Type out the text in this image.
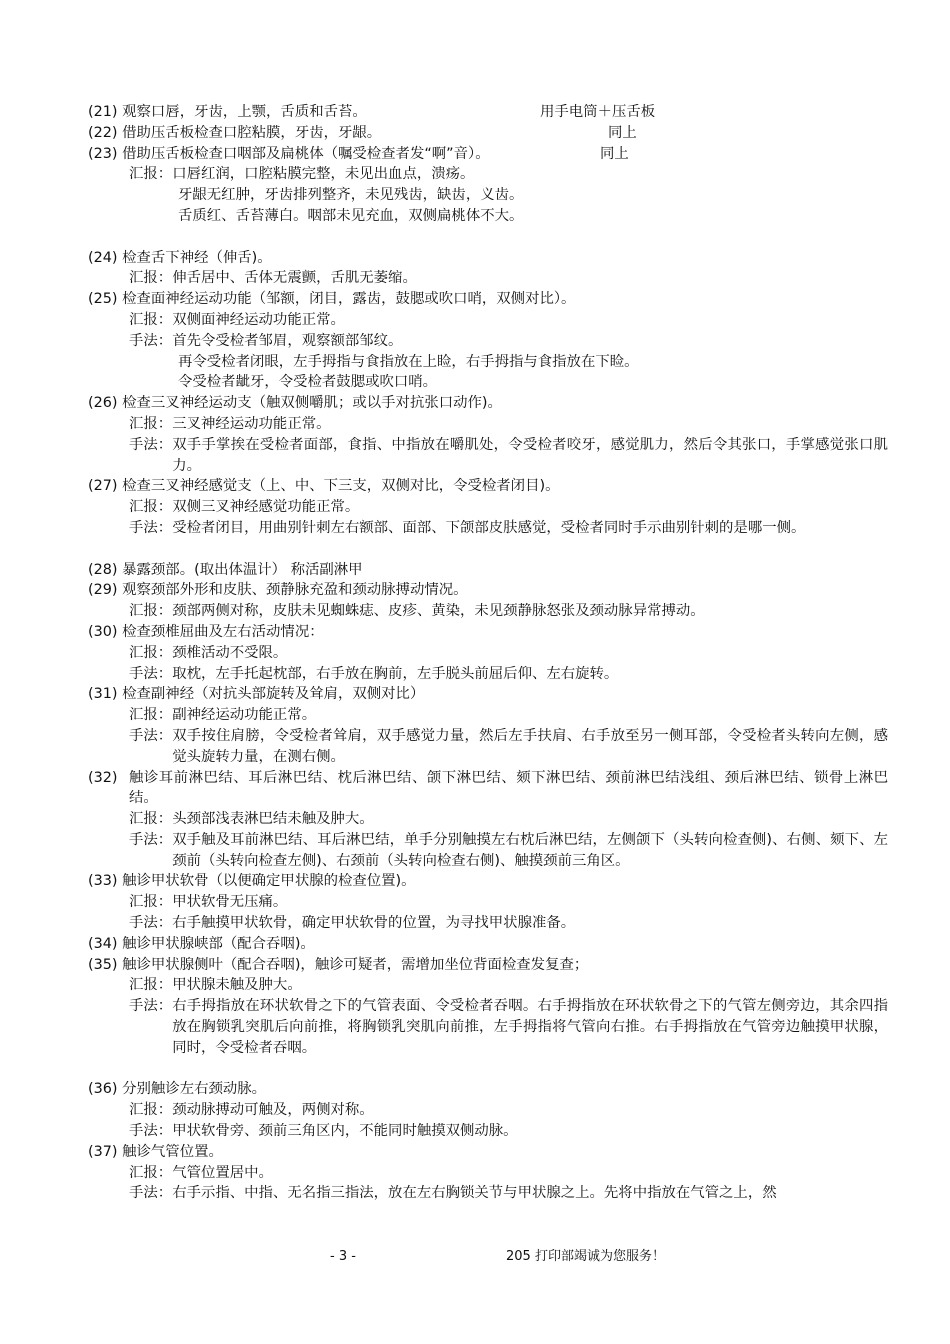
(21) 观察口唇，牙齿，上颚，舌质和舌苔。	用手电筒＋压舌板
(22) 借助压舌板检查口腔粘膜，牙齿，牙龈。	同上
(23) 借助压舌板检查口咽部及扁桃体（嘱受检查者发“啊”音）。	同上
汇报：口唇红润，口腔粘膜完整，未见出血点，溃疡。
牙龈无红肿，牙齿排列整齐，未见残齿，缺齿，义齿。
舌质红、舌苔薄白。咽部未见充血，双侧扁桃体不大。
(24) 检查舌下神经（伸舌)。
汇报：伸舌居中、舌体无震颤，舌肌无萎缩。
(25) 检查面神经运动功能（邹额，闭目，露齿，鼓腮或吹口哨，双侧对比）。
汇报：双侧面神经运动功能正常。
手法：首先令受检者邹眉，观察额部邹纹。
再令受检者闭眼，左手拇指与食指放在上睑，右手拇指与食指放在下睑。
令受检者龇牙，令受检者鼓腮或吹口哨。
(26) 检查三叉神经运动支（触双侧嚼肌；或以手对抗张口动作)。
汇报：三叉神经运动功能正常。
手法： 双手手掌挨在受检者面部，食指、中指放在嚼肌处，令受检者咬牙，感觉肌力，然后令其张口，手掌感觉张口肌力。
(27) 检查三叉神经感觉支（上、中、下三支，双侧对比，令受检者闭目)。
汇报：双侧三叉神经感觉功能正常。
手法： 受检者闭目，用曲别针刺左右额部、面部、下颌部皮肤感觉，受检者同时手示曲别针刺的是哪一侧。
(28) 暴露颈部。(取出体温计） 称活副淋甲
(29) 观察颈部外形和皮肤、颈静脉充盈和颈动脉搏动情况。
汇报：颈部两侧对称，皮肤未见蜘蛛痣、皮疹、黄染，未见颈静脉怒张及颈动脉异常搏动。
(30) 检查颈椎屈曲及左右活动情况：
汇报：颈椎活动不受限。
手法：取枕，左手托起枕部，右手放在胸前，左手脱头前屈后仰、左右旋转。
(31) 检查副神经（对抗头部旋转及耸肩，双侧对比）
汇报：副神经运动功能正常。
手法： 双手按住肩膀，令受检者耸肩，双手感觉力量，然后左手扶肩、右手放至另一侧耳部，令受检者头转向左侧，感觉头旋转力量，在测右侧。
(32) 触诊耳前淋巴结、耳后淋巴结、枕后淋巴结、颌下淋巴结、颏下淋巴结、颈前淋巴结浅组、颈后淋巴结、锁骨上淋巴结。
汇报：头颈部浅表淋巴结未触及肿大。
手法： 双手触及耳前淋巴结、耳后淋巴结，单手分别触摸左右枕后淋巴结，左侧颌下（头转向检查侧)、右侧、颏下、左颈前（头转向检查左侧)、右颈前（头转向检查右侧)、触摸颈前三角区。
(33) 触诊甲状软骨（以便确定甲状腺的检查位置)。
汇报：甲状软骨无压痛。
手法：右手触摸甲状软骨，确定甲状软骨的位置，为寻找甲状腺准备。
(34) 触诊甲状腺峡部（配合吞咽)。
(35) 触诊甲状腺侧叶（配合吞咽)，触诊可疑者，需增加坐位背面检查发复查；
汇报：甲状腺未触及肿大。
手法： 右手拇指放在环状软骨之下的气管表面、令受检者吞咽。右手拇指放在环状软骨之下的气管左侧旁边，其余四指放在胸锁乳突肌后向前推，将胸锁乳突肌向前推，左手拇指将气管向右推。右手拇指放在气管旁边触摸甲状腺，同时，令受检者吞咽。
(36) 分别触诊左右颈动脉。
汇报：颈动脉搏动可触及，两侧对称。
手法：甲状软骨旁、颈前三角区内，不能同时触摸双侧动脉。
(37) 触诊气管位置。
汇报：气管位置居中。
手法： 右手示指、中指、无名指三指法，放在左右胸锁关节与甲状腺之上。先将中指放在气管之上，然
- 3 -	205 打印部竭诚为您服务！
